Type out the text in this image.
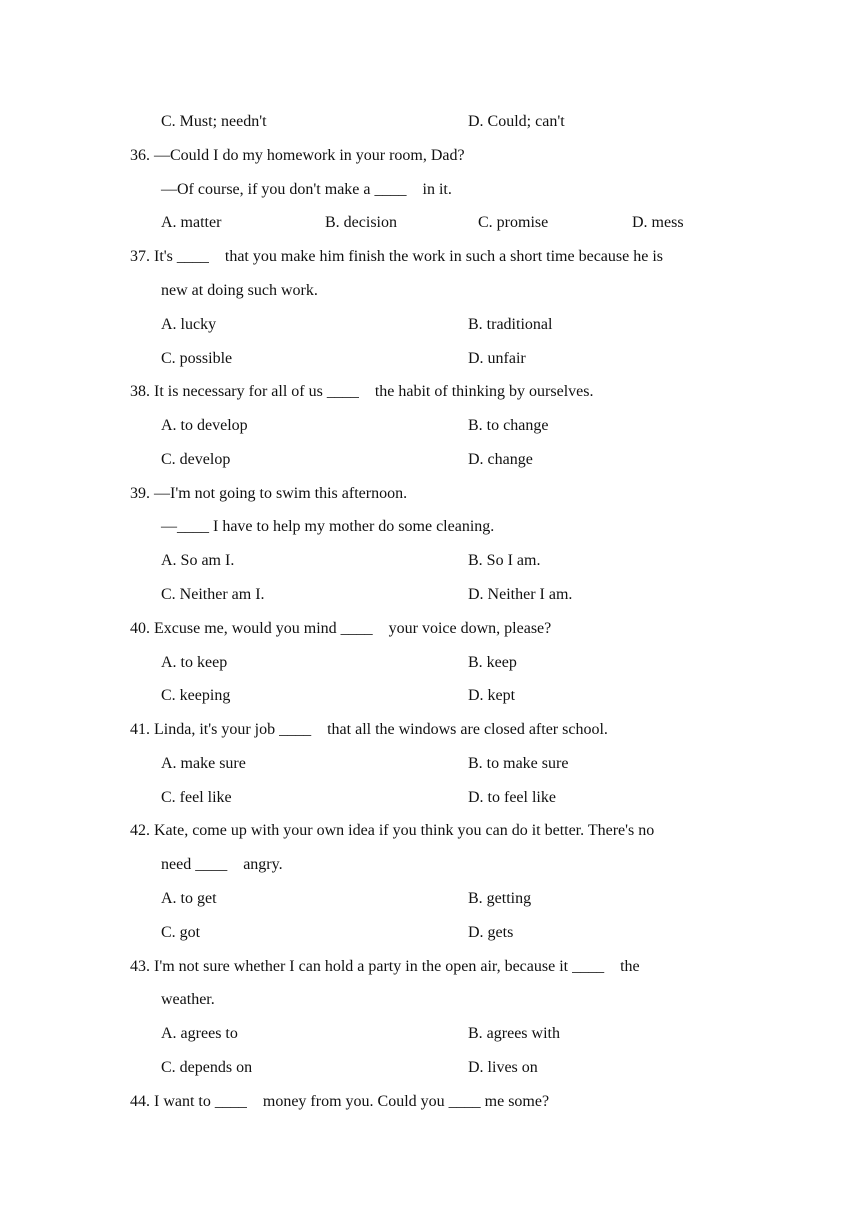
C. Must; needn't	D. Could; can't
36. —Could I do my homework in your room, Dad?
—Of course, if you don't make a ____    in it.
A. matter	B. decision	C. promise	D. mess
37. It's ____    that you make him finish the work in such a short time because he is
new at doing such work.
A. lucky	B. traditional
C. possible	D. unfair
38. It is necessary for all of us ____    the habit of thinking by ourselves.
A. to develop	B. to change
C. develop	D. change
39. —I'm not going to swim this afternoon.
—____ I have to help my mother do some cleaning.
A. So am I.	B. So I am.
C. Neither am I.	D. Neither I am.
40. Excuse me, would you mind ____    your voice down, please?
A. to keep	B. keep
C. keeping	D. kept
41. Linda, it's your job ____    that all the windows are closed after school.
A. make sure	B. to make sure
C. feel like	D. to feel like
42. Kate, come up with your own idea if you think you can do it better. There's no
need ____    angry.
A. to get	B. getting
C. got	D. gets
43. I'm not sure whether I can hold a party in the open air, because it ____    the
weather.
A. agrees to	B. agrees with
C. depends on	D. lives on
44. I want to ____    money from you. Could you ____ me some?
